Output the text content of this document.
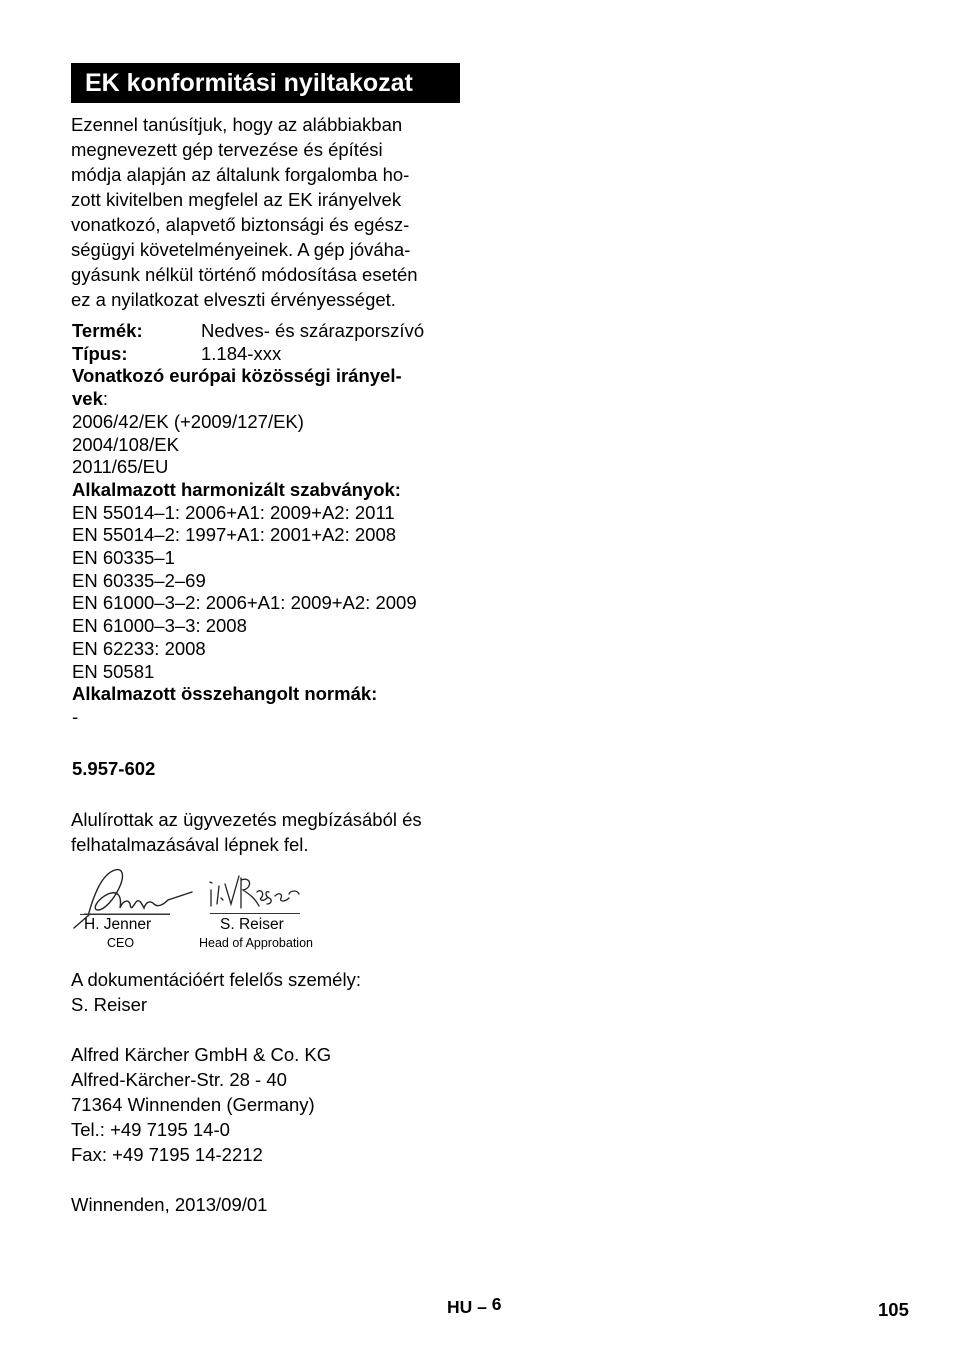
EK konformitási nyiltakozat
Ezennel tanúsítjuk, hogy az alábbiakban
megnevezett gép tervezése és építési
módja alapján az általunk forgalomba ho-
zott kivitelben megfelel az EK irányelvek
vonatkozó, alapvető biztonsági és egész-
ségügyi követelményeinek. A gép jóváha-
gyásunk nélkül történő módosítása esetén
ez a nyilatkozat elveszti érvényességet.
Termék:	Nedves- és szárazporszívó
Típus:	1.184-xxx
Vonatkozó európai közösségi irányel-
vek:
2006/42/EK (+2009/127/EK)
2004/108/EK
2011/65/EU
Alkalmazott harmonizált szabványok:
EN 55014–1: 2006+A1: 2009+A2: 2011
EN 55014–2: 1997+A1: 2001+A2: 2008
EN 60335–1
EN 60335–2–69
EN 61000–3–2: 2006+A1: 2009+A2: 2009
EN 61000–3–3: 2008
EN 62233: 2008
EN 50581
Alkalmazott összehangolt normák:
-
5.957-602
Alulírottak az ügyvezetés megbízásából és
felhatalmazásával lépnek fel.
H. Jenner
CEO
S. Reiser
Head of Approbation
A dokumentációért felelős személy:
S. Reiser
Alfred Kärcher GmbH & Co. KG
Alfred-Kärcher-Str. 28 - 40
71364 Winnenden (Germany)
Tel.: +49 7195 14-0
Fax: +49 7195 14-2212
Winnenden, 2013/09/01
HU – 6	105
